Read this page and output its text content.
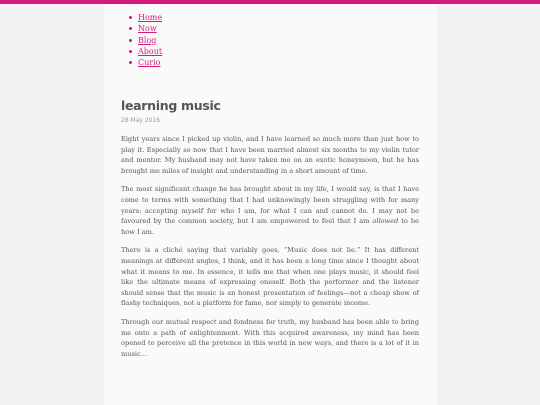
Home
Now
Blog
About
Curio
learning music

28 May 2016

Eight years since I picked up violin, and I have learned so much more than just how to play it. Especially so now that I have been married almost six months to my violin tutor and mentor. My husband may not have taken me on an exotic honeymoon, but he has brought me miles of insight and understanding in a short amount of time.

The most significant change he has brought about in my life, I would say, is that I have come to terms with something that I had unknowingly been struggling with for many years: accepting myself for who I am, for what I can and cannot do. I may not be favoured by the common society, but I am empowered to feel that I am allowed to be how I am.

There is a cliché saying that variably goes, “Music does not lie.” It has different meanings at different angles, I think, and it has been a long time since I thought about what it means to me. In essence, it tells me that when one plays music, it should feel like the ultimate means of expressing oneself. Both the performer and the listener should sense that the music is an honest presentation of feelings—not a cheap show of flashy techniques, not a platform for fame, nor simply to generate income.

Through our mutual respect and fondness for truth, my husband has been able to bring me onto a path of enlightenment. With this acquired awareness, my mind has been opened to perceive all the pretence in this world in new ways, and there is a lot of it in music...
